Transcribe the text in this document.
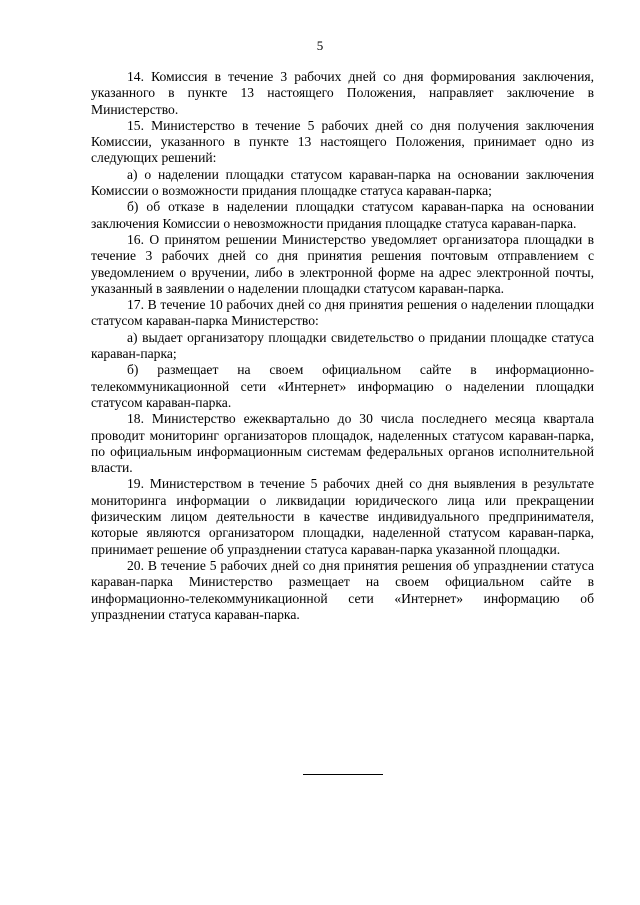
5

14. Комиссия в течение 3 рабочих дней со дня формирования заключения, указанного в пункте 13 настоящего Положения, направляет заключение в Министерство.

15. Министерство в течение 5 рабочих дней со дня получения заключения Комиссии, указанного в пункте 13 настоящего Положения, принимает одно из следующих решений:

а) о наделении площадки статусом караван-парка на основании заключения Комиссии о возможности придания площадке статуса караван-парка;

б) об отказе в наделении площадки статусом караван-парка на основании заключения Комиссии о невозможности придания площадке статуса караван-парка.

16. О принятом решении Министерство уведомляет организатора площадки в течение 3 рабочих дней со дня принятия решения почтовым отправлением с уведомлением о вручении, либо в электронной форме на адрес электронной почты, указанный в заявлении о наделении площадки статусом караван-парка.

17. В течение 10 рабочих дней со дня принятия решения о наделении площадки статусом караван-парка Министерство:

а) выдает организатору площадки свидетельство о придании площадке статуса караван-парка;

б) размещает на своем официальном сайте в информационно-телекоммуникационной сети «Интернет» информацию о наделении площадки статусом караван-парка.

18. Министерство ежеквартально до 30 числа последнего месяца квартала проводит мониторинг организаторов площадок, наделенных статусом караван-парка, по официальным информационным системам федеральных органов исполнительной власти.

19. Министерством в течение 5 рабочих дней со дня выявления в результате мониторинга информации о ликвидации юридического лица или прекращении физическим лицом деятельности в качестве индивидуального предпринимателя, которые являются организатором площадки, наделенной статусом караван-парка, принимает решение об упразднении статуса караван-парка указанной площадки.

20. В течение 5 рабочих дней со дня принятия решения об упразднении статуса караван-парка Министерство размещает на своем официальном сайте в информационно-телекоммуникационной сети «Интернет» информацию об упразднении статуса караван-парка.
